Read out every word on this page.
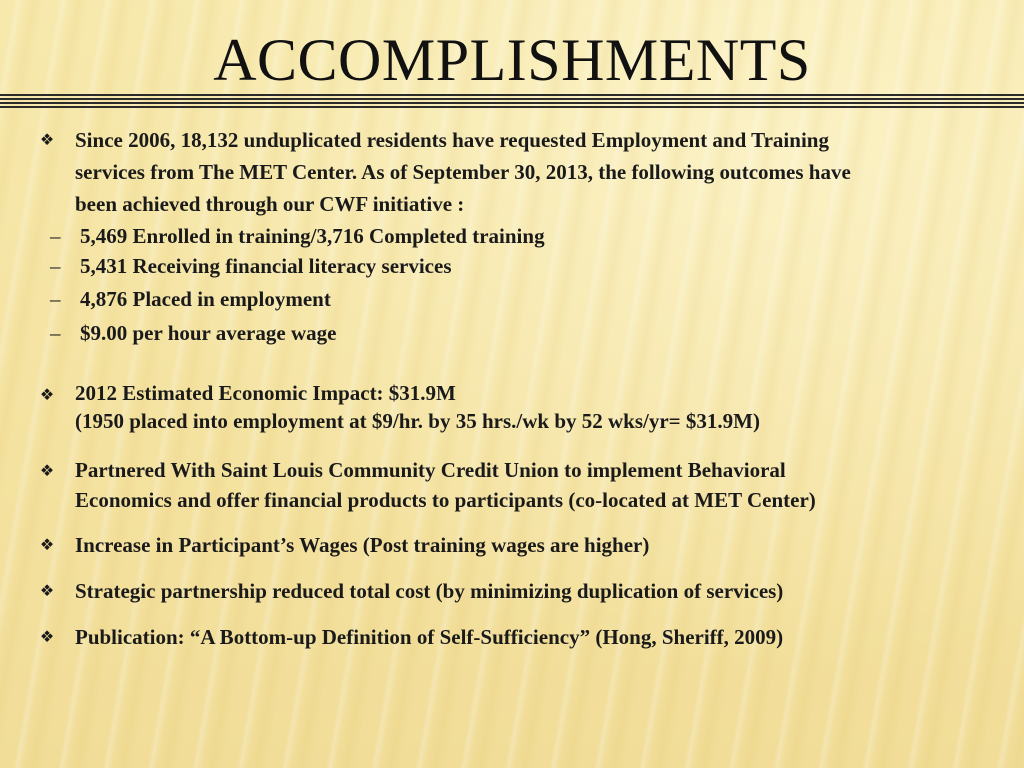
ACCOMPLISHMENTS
❖ Since 2006, 18,132 unduplicated residents have requested Employment and Training
services from The MET Center. As of September 30, 2013, the following outcomes have
been achieved through our CWF initiative :
– 5,469 Enrolled in training/3,716 Completed training
– 5,431 Receiving financial literacy services
– 4,876 Placed in employment
– $9.00 per hour average wage
❖ 2012 Estimated Economic Impact: $31.9M
(1950 placed into employment at $9/hr. by 35 hrs./wk by 52 wks/yr= $31.9M)
❖ Partnered With Saint Louis Community Credit Union to implement Behavioral
Economics and offer financial products to participants (co-located at MET Center)
❖ Increase in Participant’s Wages (Post training wages are higher)
❖ Strategic partnership reduced total cost (by minimizing duplication of services)
❖ Publication: “A Bottom-up Definition of Self-Sufficiency” (Hong, Sheriff, 2009)
